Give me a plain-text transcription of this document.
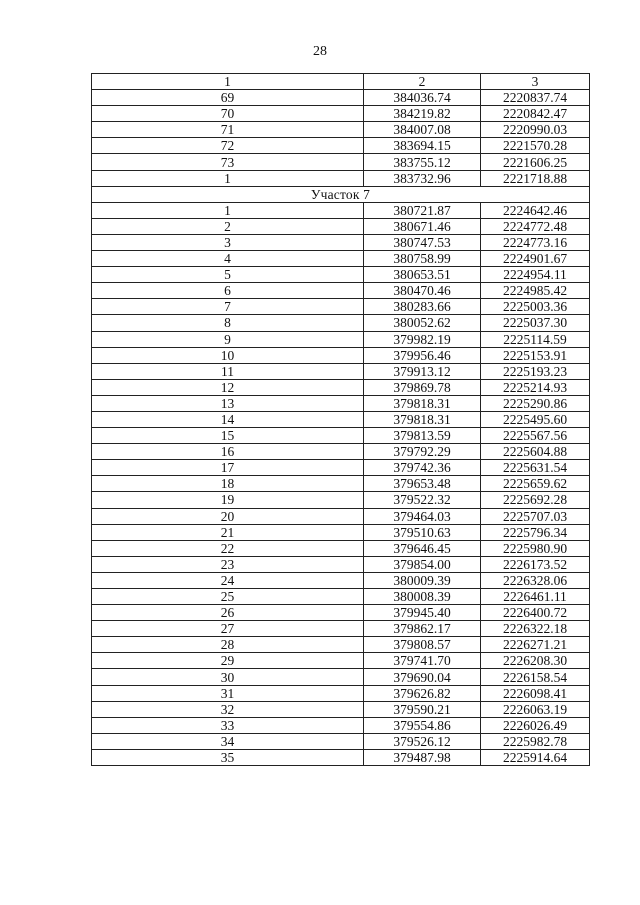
28
1	2	3
69	384036.74	2220837.74
70	384219.82	2220842.47
71	384007.08	2220990.03
72	383694.15	2221570.28
73	383755.12	2221606.25
1	383732.96	2221718.88
Участок 7		
1	380721.87	2224642.46
2	380671.46	2224772.48
3	380747.53	2224773.16
4	380758.99	2224901.67
5	380653.51	2224954.11
6	380470.46	2224985.42
7	380283.66	2225003.36
8	380052.62	2225037.30
9	379982.19	2225114.59
10	379956.46	2225153.91
11	379913.12	2225193.23
12	379869.78	2225214.93
13	379818.31	2225290.86
14	379818.31	2225495.60
15	379813.59	2225567.56
16	379792.29	2225604.88
17	379742.36	2225631.54
18	379653.48	2225659.62
19	379522.32	2225692.28
20	379464.03	2225707.03
21	379510.63	2225796.34
22	379646.45	2225980.90
23	379854.00	2226173.52
24	380009.39	2226328.06
25	380008.39	2226461.11
26	379945.40	2226400.72
27	379862.17	2226322.18
28	379808.57	2226271.21
29	379741.70	2226208.30
30	379690.04	2226158.54
31	379626.82	2226098.41
32	379590.21	2226063.19
33	379554.86	2226026.49
34	379526.12	2225982.78
35	379487.98	2225914.64
